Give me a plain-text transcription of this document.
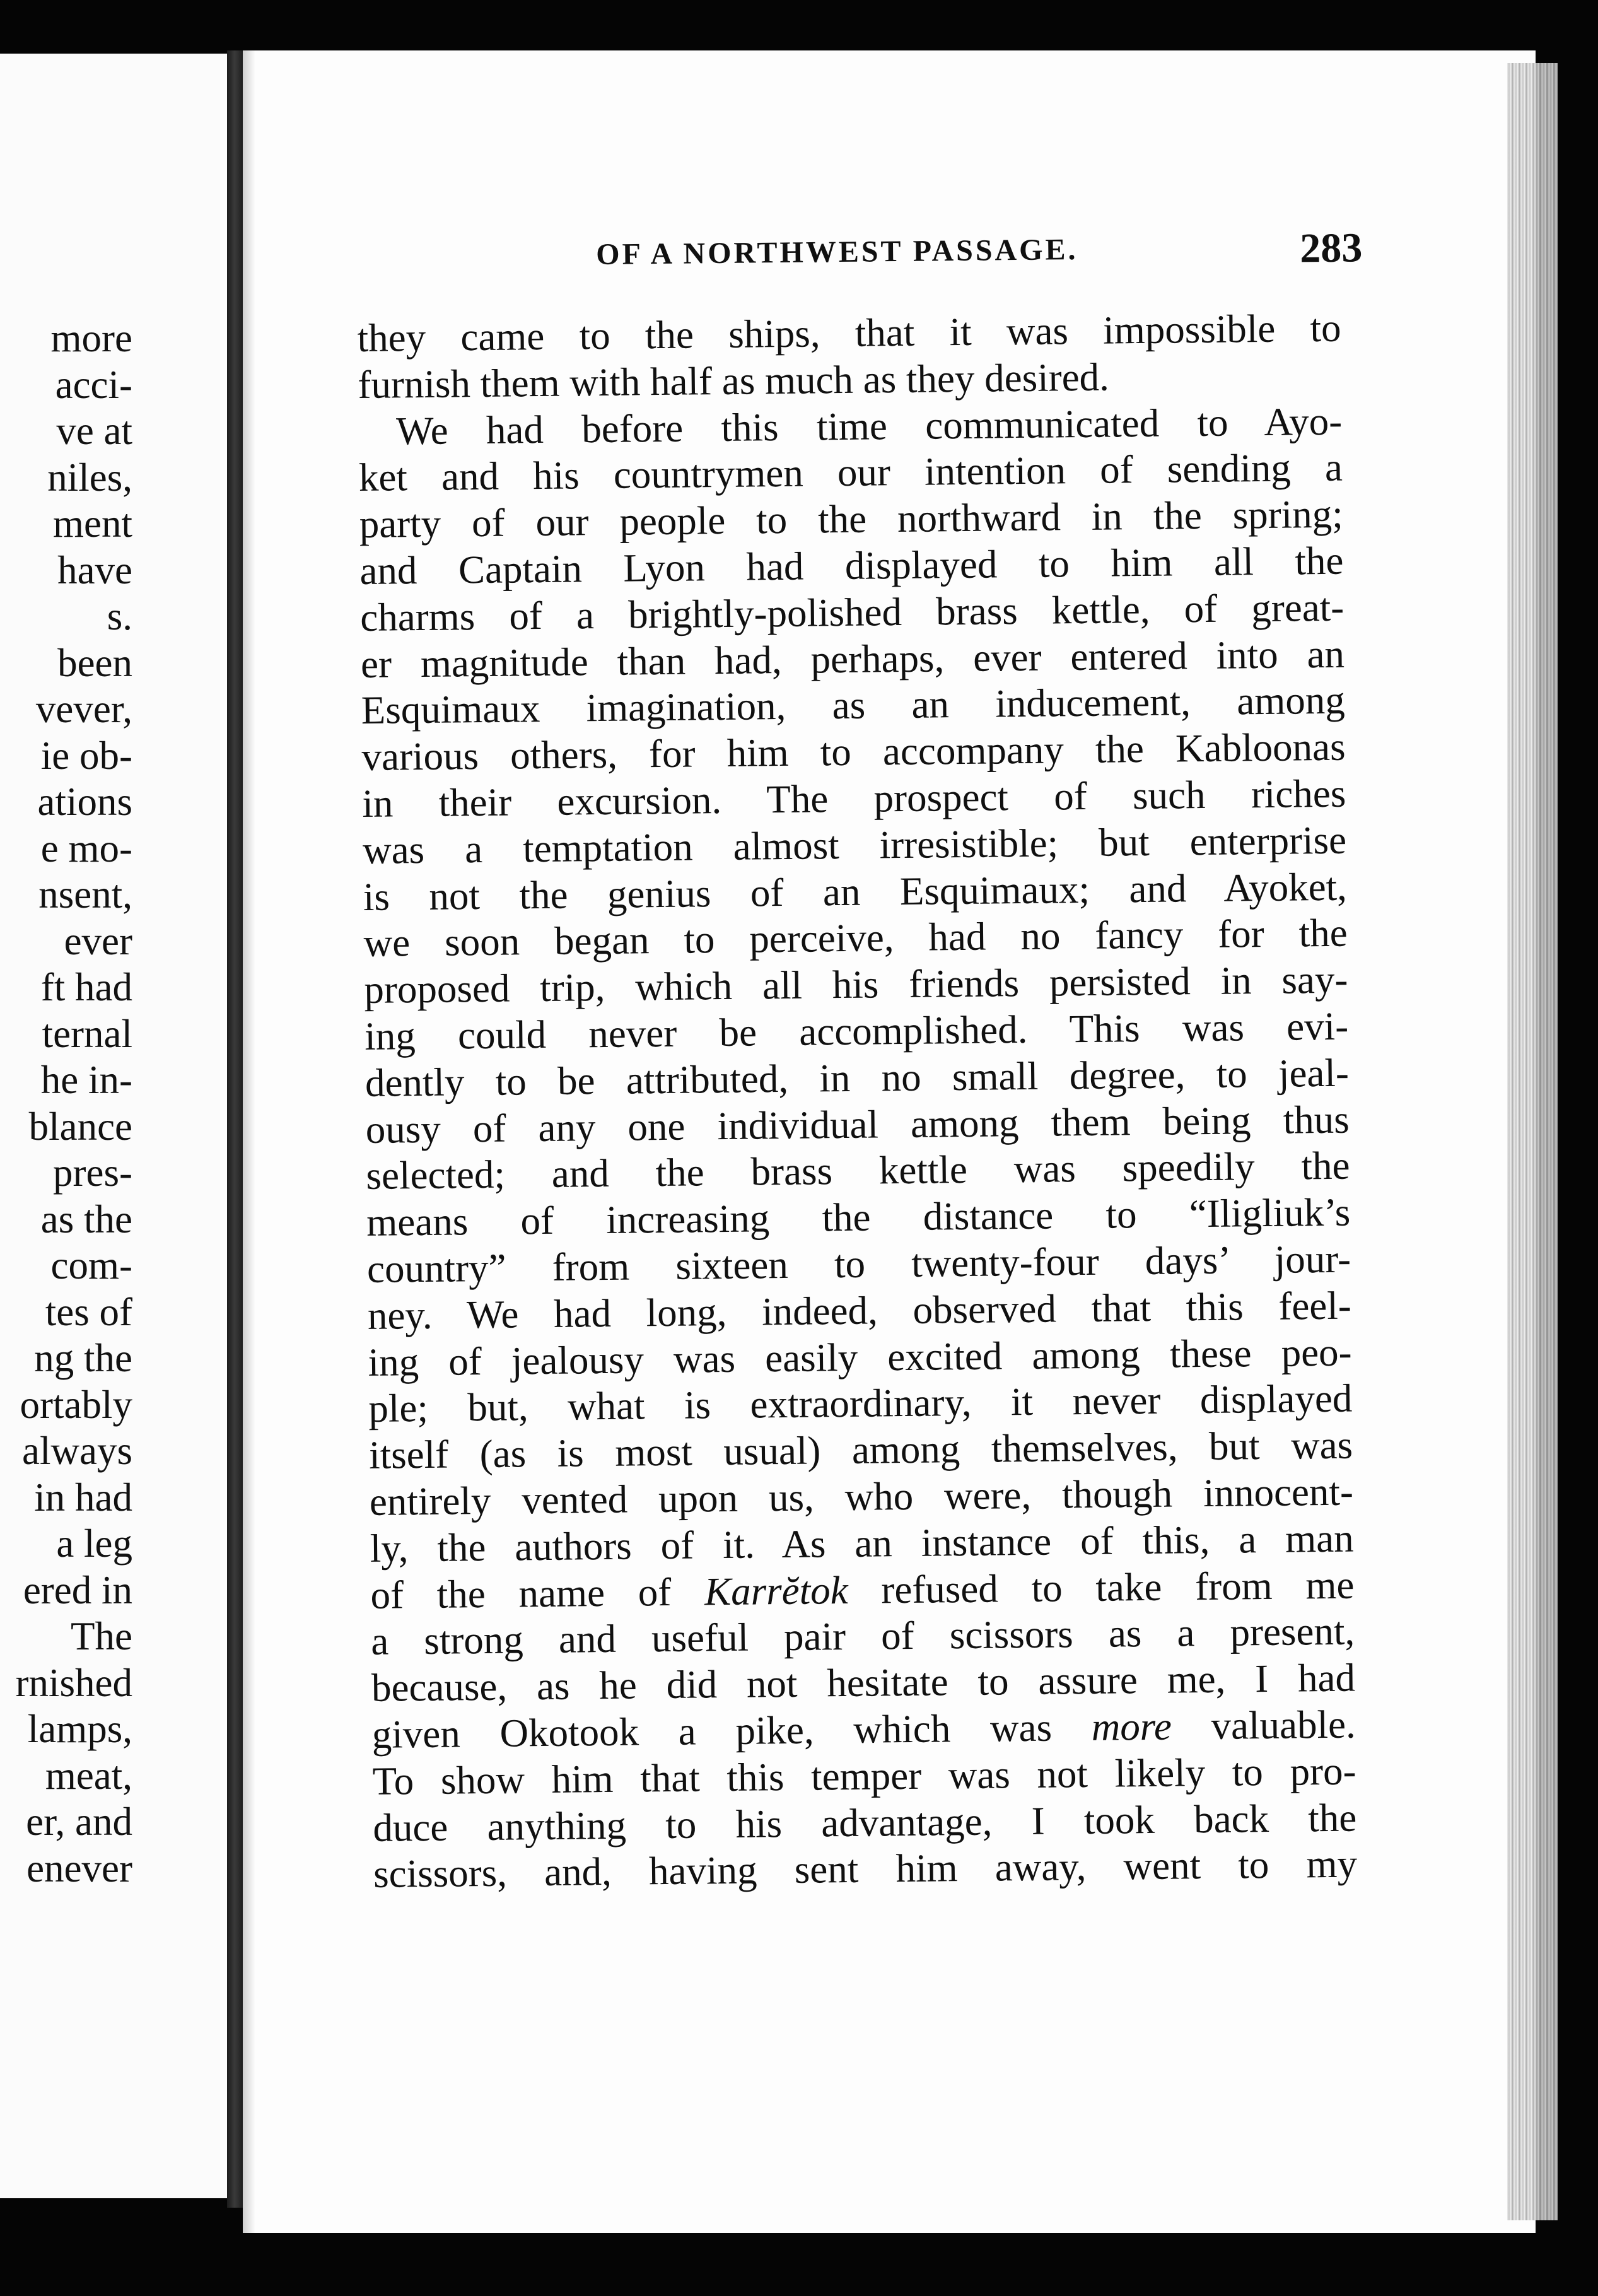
more
acci-
ve at
niles,
ment
have
s.
been
vever,
ie ob-
ations
e mo-
nsent,
ever
ft had
ternal
he in-
blance
pres-
as the
com-
tes of
ng the
ortably
always
in had
a leg
ered in
The
rnished
lamps,
meat,
er, and
enever
OF A NORTHWEST PASSAGE.	283
they came to the ships, that it was impossible to
furnish them with half as much as they desired.
We had before this time communicated to Ayo-
ket and his countrymen our intention of sending a
party of our people to the northward in the spring;
and Captain Lyon had displayed to him all the
charms of a brightly-polished brass kettle, of great-
er magnitude than had, perhaps, ever entered into an
Esquimaux imagination, as an inducement, among
various others, for him to accompany the Kabloonas
in their excursion. The prospect of such riches
was a temptation almost irresistible; but enterprise
is not the genius of an Esquimaux; and Ayoket,
we soon began to perceive, had no fancy for the
proposed trip, which all his friends persisted in say-
ing could never be accomplished. This was evi-
dently to be attributed, in no small degree, to jeal-
ousy of any one individual among them being thus
selected; and the brass kettle was speedily the
means of increasing the distance to “Iligliuk’s
country” from sixteen to twenty-four days’ jour-
ney. We had long, indeed, observed that this feel-
ing of jealousy was easily excited among these peo-
ple; but, what is extraordinary, it never displayed
itself (as is most usual) among themselves, but was
entirely vented upon us, who were, though innocent-
ly, the authors of it. As an instance of this, a man
of the name of Karrĕtok refused to take from me
a strong and useful pair of scissors as a present,
because, as he did not hesitate to assure me, I had
given Okotook a pike, which was more valuable.
To show him that this temper was not likely to pro-
duce anything to his advantage, I took back the
scissors, and, having sent him away, went to my
